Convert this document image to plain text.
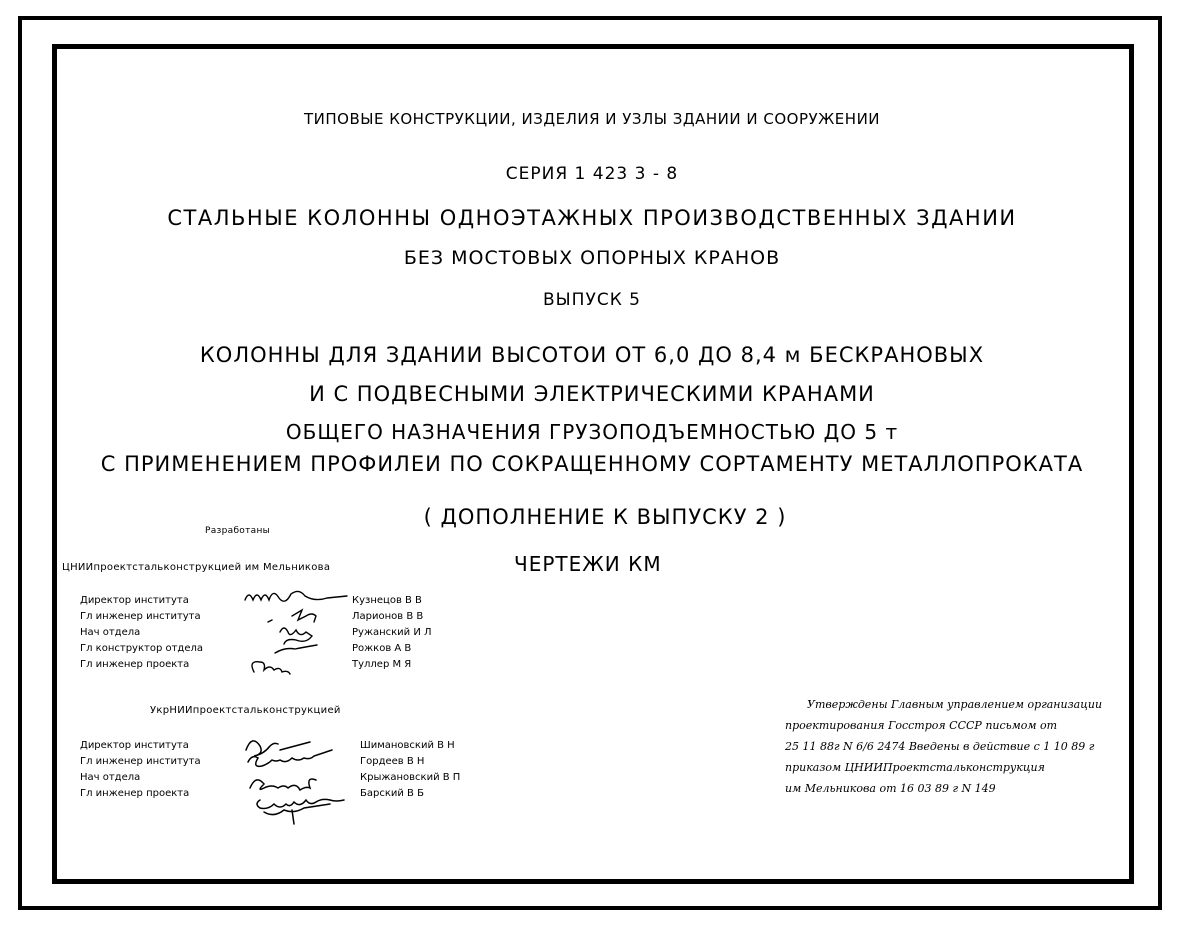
ТИПОВЫЕ КОНСТРУКЦИИ, ИЗДЕЛИЯ И УЗЛЫ ЗДАНИИ И СООРУЖЕНИИ
СЕРИЯ 1 423 3 - 8
СТАЛЬНЫЕ КОЛОННЫ ОДНОЭТАЖНЫХ ПРОИЗВОДСТВЕННЫХ ЗДАНИИ
БЕЗ МОСТОВЫХ ОПОРНЫХ КРАНОВ
ВЫПУСК 5
КОЛОННЫ ДЛЯ ЗДАНИИ ВЫСОТОИ ОТ 6,0 ДО 8,4 м БЕСКРАНОВЫХ
И С ПОДВЕСНЫМИ ЭЛЕКТРИЧЕСКИМИ КРАНАМИ
ОБЩЕГО НАЗНАЧЕНИЯ ГРУЗОПОДЪЕМНОСТЬЮ ДО 5 т
С ПРИМЕНЕНИЕМ ПРОФИЛЕИ ПО СОКРАЩЕННОМУ СОРТАМЕНТУ МЕТАЛЛОПРОКАТА
( ДОПОЛНЕНИЕ К ВЫПУСКУ 2 )
ЧЕРТЕЖИ КМ
Разработаны
ЦНИИпроектстальконструкцией им Мельникова
Директор института
Гл инженер института
Нач отдела
Гл конструктор отдела
Гл инженер проекта
Кузнецов В В
Ларионов В В
Ружанский И Л
Рожков А В
Туллер М Я
УкрНИИпроектстальконструкцией
Директор института
Гл инженер института
Нач отдела
Гл инженер проекта
Шимановский В Н
Гордеев В Н
Крыжановский В П
Барский В Б
Утверждены Главным управлением организации
проектирования Госстроя СССР письмом от
25 11 88г N 6/6 2474 Введены в действие с 1 10 89 г
приказом ЦНИИПроектстальконструкция
им Мельникова от 16 03 89 г N 149
